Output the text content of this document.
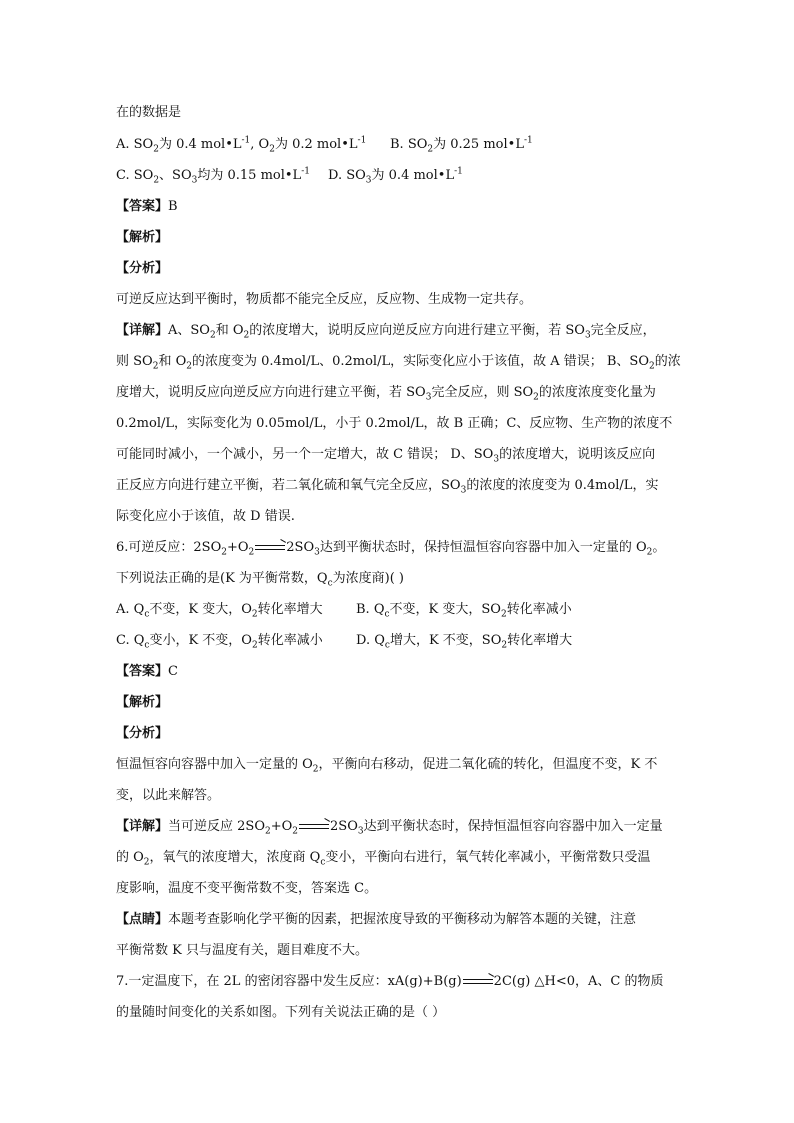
在的数据是
A. $SO_2$为 0.4 $mol•L^{-1}$, $O_2$为 0.2 $mol•L^{-1}$ B. $SO_2$为 0.25 $mol•L^{-1}$
C. $SO_2$、$SO_3$均为 0.15 $mol•L^{-1}$ D. $SO_3$为 0.4 $mol•L^{-1}$
【答案】B
【解析】
【分析】
可逆反应达到平衡时，物质都不能完全反应，反应物、生成物一定共存。
【详解】A、$SO_2$和 $O_2$的浓度增大，说明反应向逆反应方向进行建立平衡，若 $SO_3$完全反应，
则 $SO_2$和 $O_2$的浓度变为 0.4mol/L、0.2mol/L，实际变化应小于该值，故 A 错误； B、$SO_2$的浓
度增大，说明反应向逆反应方向进行建立平衡，若 $SO_3$完全反应，则 $SO_2$的浓度浓度变化量为
0.2mol/L，实际变化为 0.05mol/L，小于 0.2mol/L，故 B 正确；C、反应物、生产物的浓度不
可能同时减小，一个减小，另一个一定增大，故 C 错误； D、$SO_3$的浓度增大，说明该反应向
正反应方向进行建立平衡，若二氧化硫和氧气完全反应，$SO_3$的浓度的浓度变为 0.4mol/L，实
际变化应小于该值，故 D 错误.
6.可逆反应：$2SO_2+O_2 \to 2SO_3$达到平衡状态时，保持恒温恒容向容器中加入一定量的 $O_2$。
下列说法正确的是(K 为平衡常数，$Q_c$为浓度商)( )
A. $Q_c$不变，K 变大，$O_2$转化率增大	B. $Q_c$不变，K 变大，$SO_2$转化率减小
C. $Q_c$变小，K 不变，$O_2$转化率减小	D. $Q_c$增大，K 不变，$SO_2$转化率增大
【答案】C
【解析】
【分析】
恒温恒容向容器中加入一定量的 $O_2$，平衡向右移动，促进二氧化硫的转化，但温度不变，K 不
变，以此来解答。
【详解】当可逆反应 $2SO_2+O_2 \to 2SO_3$达到平衡状态时，保持恒温恒容向容器中加入一定量
的 $O_2$，氧气的浓度增大，浓度商 $Q_c$变小，平衡向右进行，氧气转化率减小，平衡常数只受温
度影响，温度不变平衡常数不变，答案选 C。
【点睛】本题考查影响化学平衡的因素，把握浓度导致的平衡移动为解答本题的关键，注意
平衡常数 K 只与温度有关，题目难度不大。
7.一定温度下，在 2L 的密闭容器中发生反应：xA(g)+B(g)→2C(g) △H<0，A、C 的物质
的量随时间变化的关系如图。下列有关说法正确的是（ ）
